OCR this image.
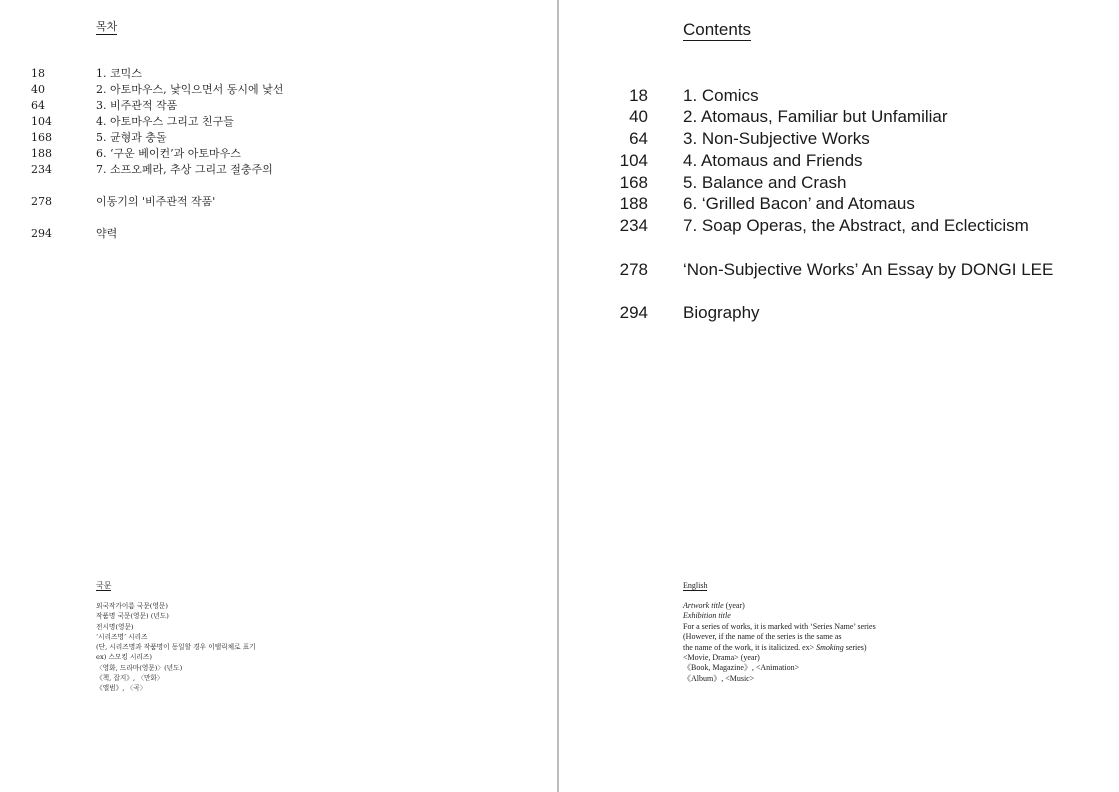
목차
18	1. 코믹스
40	2. 아토마우스, 낯익으면서 동시에 낯선
64	3. 비주관적 작품
104	4. 아토마우스 그리고 친구들
168	5. 균형과 충돌
188	6. ‘구운 베이컨’과 아토마우스
234	7. 소프오페라, 추상 그리고 절충주의
278	이동기의 '비주관적 작품'
294	약력
국문
외국작가이름 국문(영문)
작품명 국문(영문) (년도)
전시명(영문)
‘시리즈명’ 시리즈
(단, 시리즈명과 작품명이 동일할 경우 이탤릭체로 표기
ex) 스모킹 시리즈)
〈영화, 드라마(영문)〉(년도)
《책, 잡지》, 〈만화〉
《앨범》, 〈곡〉
Contents
18 1. Comics
40 2. Atomaus, Familiar but Unfamiliar
64 3. Non-Subjective Works
104 4. Atomaus and Friends
168 5. Balance and Crash
188 6. ‘Grilled Bacon’ and Atomaus
234 7. Soap Operas, the Abstract, and Eclecticism
278 ‘Non-Subjective Works’ An Essay by DONGI LEE
294 Biography
English
Artwork title (year)
Exhibition title
For a series of works, it is marked with ‘Series Name’ series
(However, if the name of the series is the same as
the name of the work, it is italicized. ex> Smoking series)
<Movie, Drama> (year)
《Book, Magazine》, <Animation>
《Album》, <Music>
